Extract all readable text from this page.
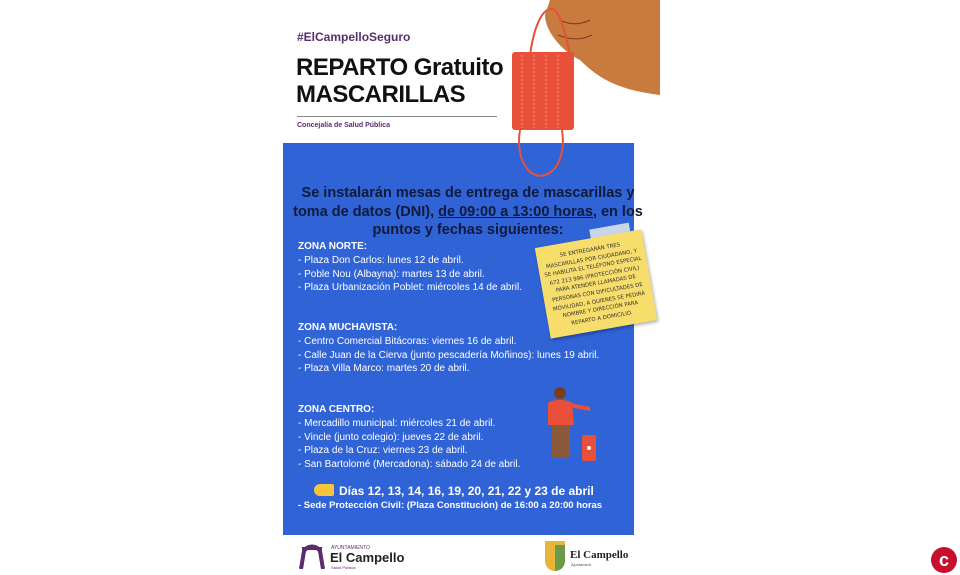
#ElCampelloSeguro
REPARTO Gratuito
MASCARILLAS
Concejalía de Salud Pública
Se instalarán mesas de entrega de mascarillas y toma de datos (DNI), de 09:00 a 13:00 horas, en los puntos y fechas siguientes:
ZONA NORTE:
- Plaza Don Carlos: lunes 12 de abril.
- Poble Nou (Albayna): martes 13 de abril.
- Plaza Urbanización Poblet: miércoles 14 de abril.
ZONA MUCHAVISTA:
- Centro Comercial Bitácoras: viernes 16 de abril.
- Calle Juan de la Cierva (junto pescadería Moñinos): lunes 19 abril.
- Plaza Villa Marco: martes 20 de abril.
ZONA CENTRO:
- Mercadillo municipal: miércoles 21 de abril.
- Vincle (junto colegio): jueves 22 de abril.
- Plaza de la Cruz: viernes 23 de abril.
- San Bartolomé (Mercadona): sábado 24 de abril.
SE ENTREGARÁN TRES MASCARILLAS POR CIUDADANO, Y SE HABILITA EL TELÉFONO ESPECIAL 672 213 996 (PROTECCIÓN CIVIL) PARA ATENDER LLAMADAS DE PERSONAS CON DIFICULTADES DE MOVILIDAD, A QUIENES SE PEDIRÁ NOMBRE Y DIRECCIÓN PARA REPARTO A DOMICILIO.
Días 12, 13, 14, 16, 19, 20, 21, 22 y 23 de abril
- Sede Protección Civil: (Plaza Constitución) de 16:00 a 20:00 horas
AYUNTAMIENTO
El Campello
Salud Pública
El Campello
Ajuntament	c
